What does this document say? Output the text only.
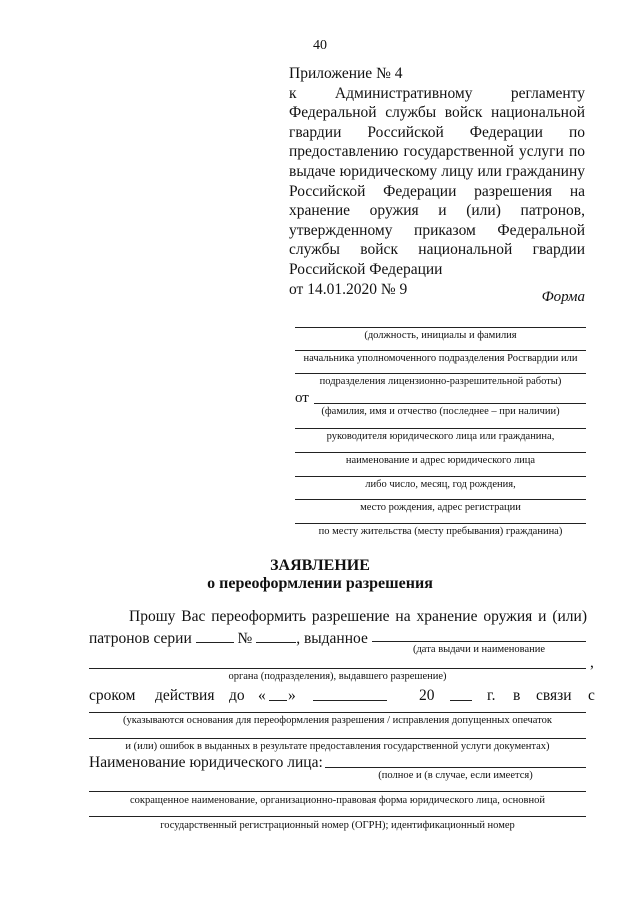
40
Приложение № 4
к Административному регламенту
Федеральной службы войск национальной
гвардии Российской Федерации по
предоставлению государственной услуги по
выдаче юридическому лицу или гражданину
Российской Федерации разрешения на
хранение оружия и (или) патронов,
утвержденному приказом Федеральной
службы войск национальной гвардии
Российской Федерации
от 14.01.2020 № 9	Форма
(должность, инициалы и фамилия
начальника уполномоченного подразделения Росгвардии или
подразделения лицензионно-разрешительной работы)
от
(фамилия, имя и отчество (последнее – при наличии)
руководителя юридического лица или гражданина,
наименование и адрес юридического лица
либо число, месяц, год рождения,
место рождения, адрес регистрации
по месту жительства (месту пребывания) гражданина)
ЗАЯВЛЕНИЕ
о переоформлении разрешения
Прошу Вас переоформить разрешение на хранение оружия и (или)
патронов серии	№	, выданное
(дата выдачи и наименование
,
органа (подразделения), выдавшего разрешение)
сроком действия до « »	20	г. в связи с
(указываются основания для переоформления разрешения / исправления допущенных опечаток
и (или) ошибок в выданных в результате предоставления государственной услуги документах)
Наименование юридического лица:
(полное и (в случае, если имеется)
сокращенное наименование, организационно-правовая форма юридического лица, основной
государственный регистрационный номер (ОГРН); идентификационный номер
